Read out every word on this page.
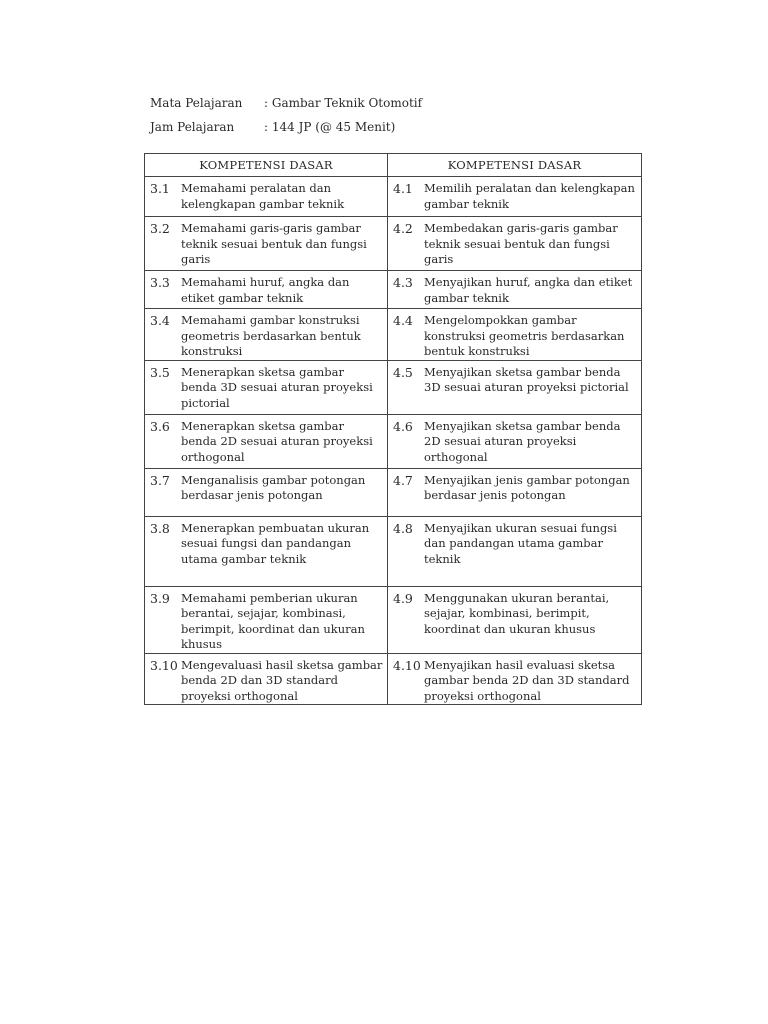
Mata Pelajaran	: Gambar Teknik Otomotif
Jam Pelajaran	: 144 JP (@ 45 Menit)
KOMPETENSI DASAR	KOMPETENSI DASAR

3.1 Memahami peralatan dan kelengkapan gambar teknik	4.1 Memilih peralatan dan kelengkapan gambar teknik

3.2 Memahami garis-garis gambar teknik sesuai bentuk dan fungsi garis	4.2 Membedakan garis-garis gambar teknik sesuai bentuk dan fungsi garis

3.3 Memahami huruf, angka dan etiket gambar teknik	4.3 Menyajikan huruf, angka dan etiket gambar teknik

3.4 Memahami gambar konstruksi geometris berdasarkan bentuk konstruksi	4.4 Mengelompokkan gambar konstruksi geometris berdasarkan bentuk konstruksi

3.5 Menerapkan sketsa gambar benda 3D sesuai aturan proyeksi pictorial	4.5 Menyajikan sketsa gambar benda 3D sesuai aturan proyeksi pictorial

3.6 Menerapkan sketsa gambar benda 2D sesuai aturan proyeksi orthogonal	4.6 Menyajikan sketsa gambar benda 2D sesuai aturan proyeksi orthogonal

3.7 Menganalisis gambar potongan berdasar jenis potongan	4.7 Menyajikan jenis gambar potongan berdasar jenis potongan

3.8 Menerapkan pembuatan ukuran sesuai fungsi dan pandangan utama gambar teknik	4.8 Menyajikan ukuran sesuai fungsi dan pandangan utama gambar teknik

3.9 Memahami pemberian ukuran berantai, sejajar, kombinasi, berimpit, koordinat dan ukuran khusus	4.9 Menggunakan ukuran berantai, sejajar, kombinasi, berimpit, koordinat dan ukuran khusus

3.10 Mengevaluasi hasil sketsa gambar benda 2D dan 3D standard proyeksi orthogonal	4.10 Menyajikan hasil evaluasi sketsa gambar benda 2D dan 3D standard proyeksi orthogonal
